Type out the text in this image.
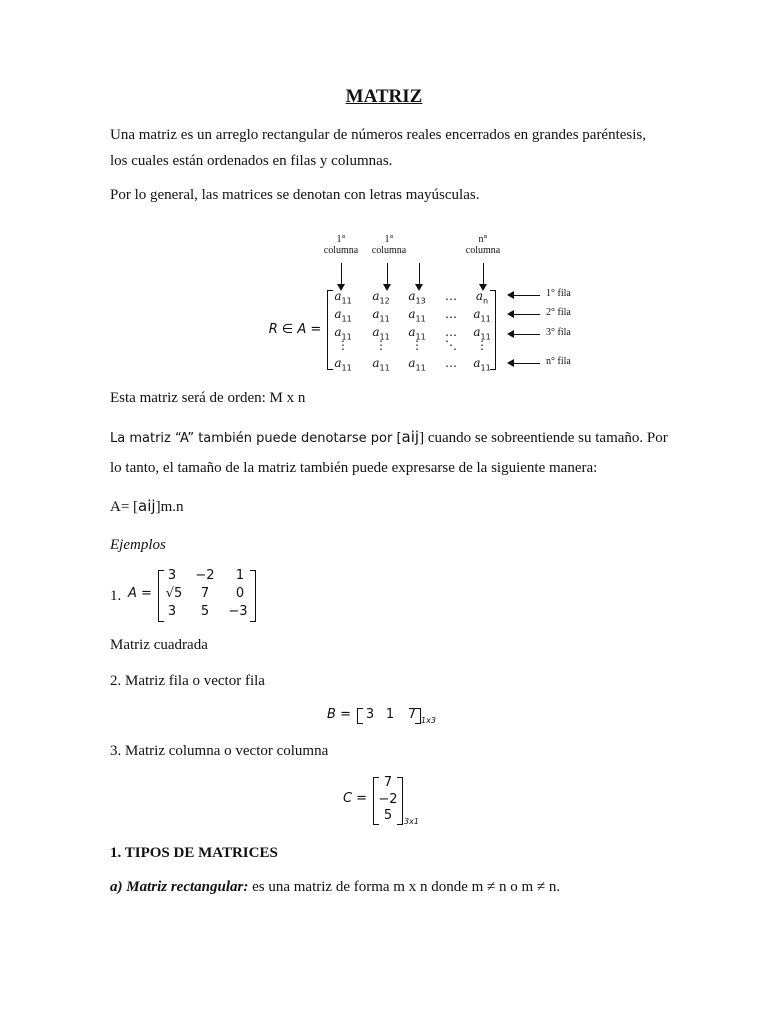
MATRIZ
Una matriz es un arreglo rectangular de números reales encerrados en grandes paréntesis,
los cuales están ordenados en filas y columnas.
Por lo general, las matrices se denotan con letras mayúsculas.
1°
columna
1°
columna
n°
columna
R ∈ A =
$a_{11}$	$a_{12}$	$a_{13}$	…	$a_n$
$a_{11}$	$a_{11}$	$a_{11}$	…	$a_{11}$
$a_{11}$	$a_{11}$	$a_{11}$	…	$a_{11}$
⋮	⋮	⋮	⋱	⋮
$a_{11}$	$a_{11}$	$a_{11}$	…	$a_{11}$
1° fila
2° fila
3° fila
n° fila
Esta matriz será de orden: M x n
La matriz “A” también puede denotarse por [aij] cuando se sobreentiende su tamaño. Por
lo tanto, el tamaño de la matriz también puede expresarse de la siguiente manera:
A= [aij]m.n
Ejemplos
1. A =
3	−2	1
√5	7	0
3	5	−3
Matriz cuadrada
2. Matriz fila o vector fila
B =	3 1 7 1x3
3. Matriz columna o vector columna
C =
7
−2
5	3x1
1. TIPOS DE MATRICES
a) Matriz rectangular: es una matriz de forma m x n donde m ≠ n o m ≠ n.
